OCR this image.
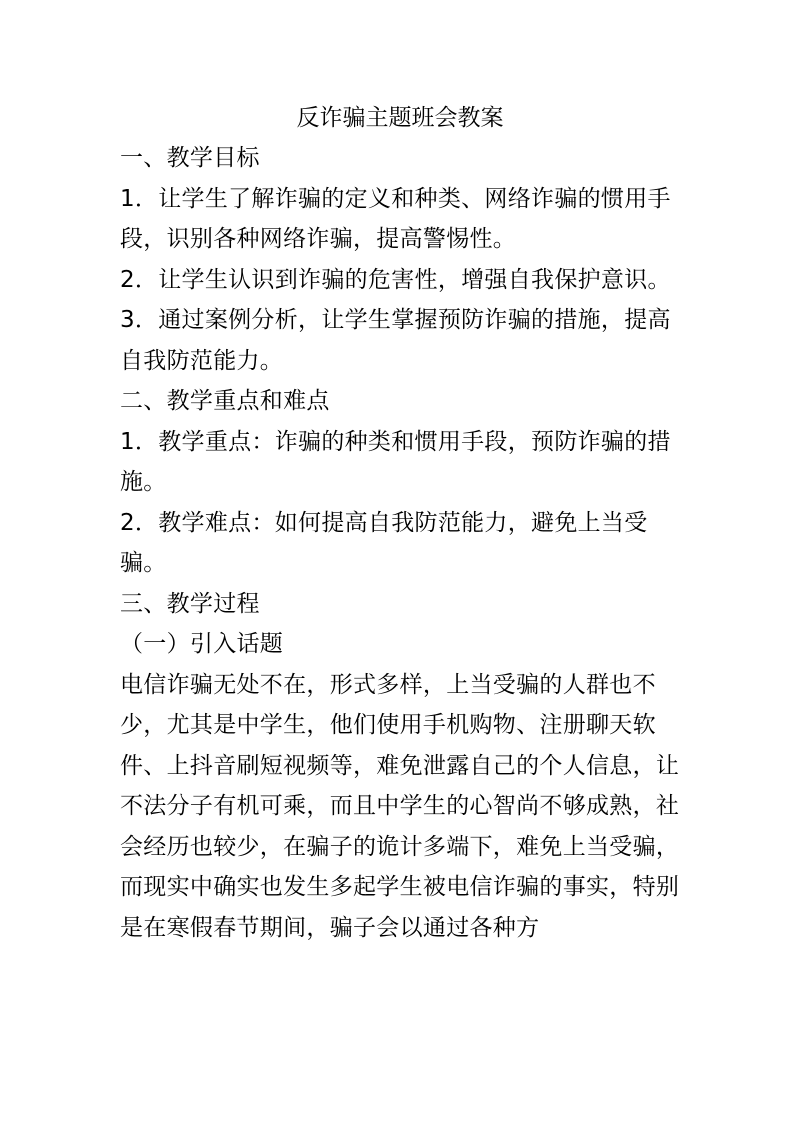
反诈骗主题班会教案

一、教学目标

1．让学生了解诈骗的定义和种类、网络诈骗的惯用手段，识别各种网络诈骗，提高警惕性。

2．让学生认识到诈骗的危害性，增强自我保护意识。

3．通过案例分析，让学生掌握预防诈骗的措施，提高自我防范能力。

二、教学重点和难点

1．教学重点：诈骗的种类和惯用手段，预防诈骗的措施。

2．教学难点：如何提高自我防范能力，避免上当受骗。

三、教学过程

（一）引入话题

电信诈骗无处不在，形式多样，上当受骗的人群也不少，尤其是中学生，他们使用手机购物、注册聊天软件、上抖音刷短视频等，难免泄露自己的个人信息，让不法分子有机可乘，而且中学生的心智尚不够成熟，社会经历也较少，在骗子的诡计多端下，难免上当受骗，而现实中确实也发生多起学生被电信诈骗的事实，特别是在寒假春节期间，骗子会以通过各种方
